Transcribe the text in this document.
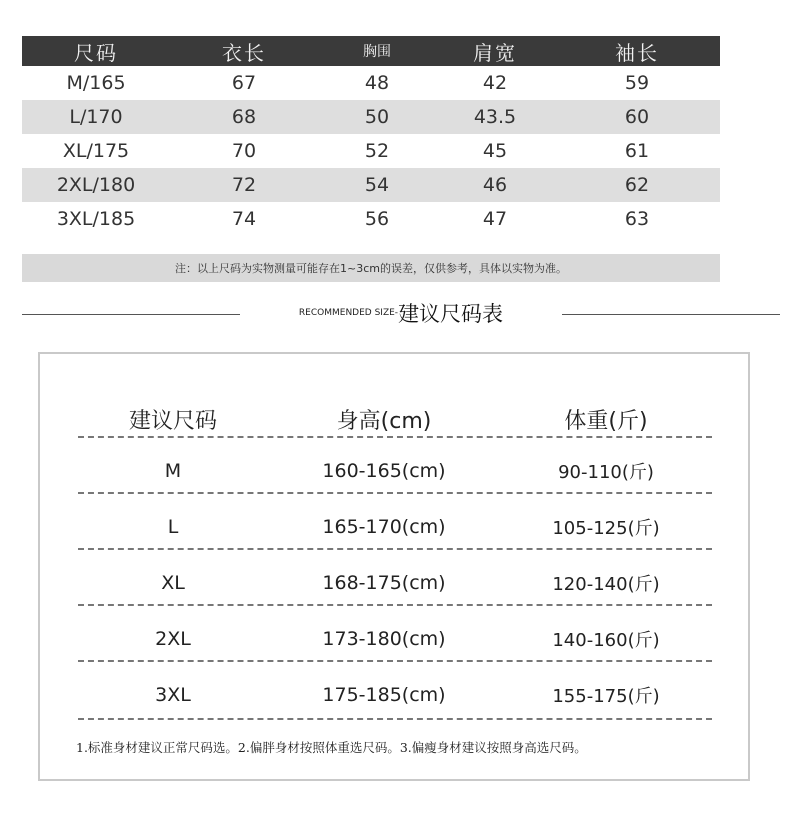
尺码	衣长	胸围	肩宽	袖长
M/165	67	48	42	59
L/170	68	50	43.5	60
XL/175	70	52	45	61
2XL/180	72	54	46	62
3XL/185	74	56	47	63
注：以上尺码为实物测量可能存在1~3cm的误差，仅供参考，具体以实物为准。
RECOMMENDED SIZE- 建议尺码表
建议尺码	身高(cm)	体重(斤)
M	160-165(cm)	90-110(斤)
L	165-170(cm)	105-125(斤)
XL	168-175(cm)	120-140(斤)
2XL	173-180(cm)	140-160(斤)
3XL	175-185(cm)	155-175(斤)
1.标准身材建议正常尺码选。2.偏胖身材按照体重选尺码。3.偏瘦身材建议按照身高选尺码。
